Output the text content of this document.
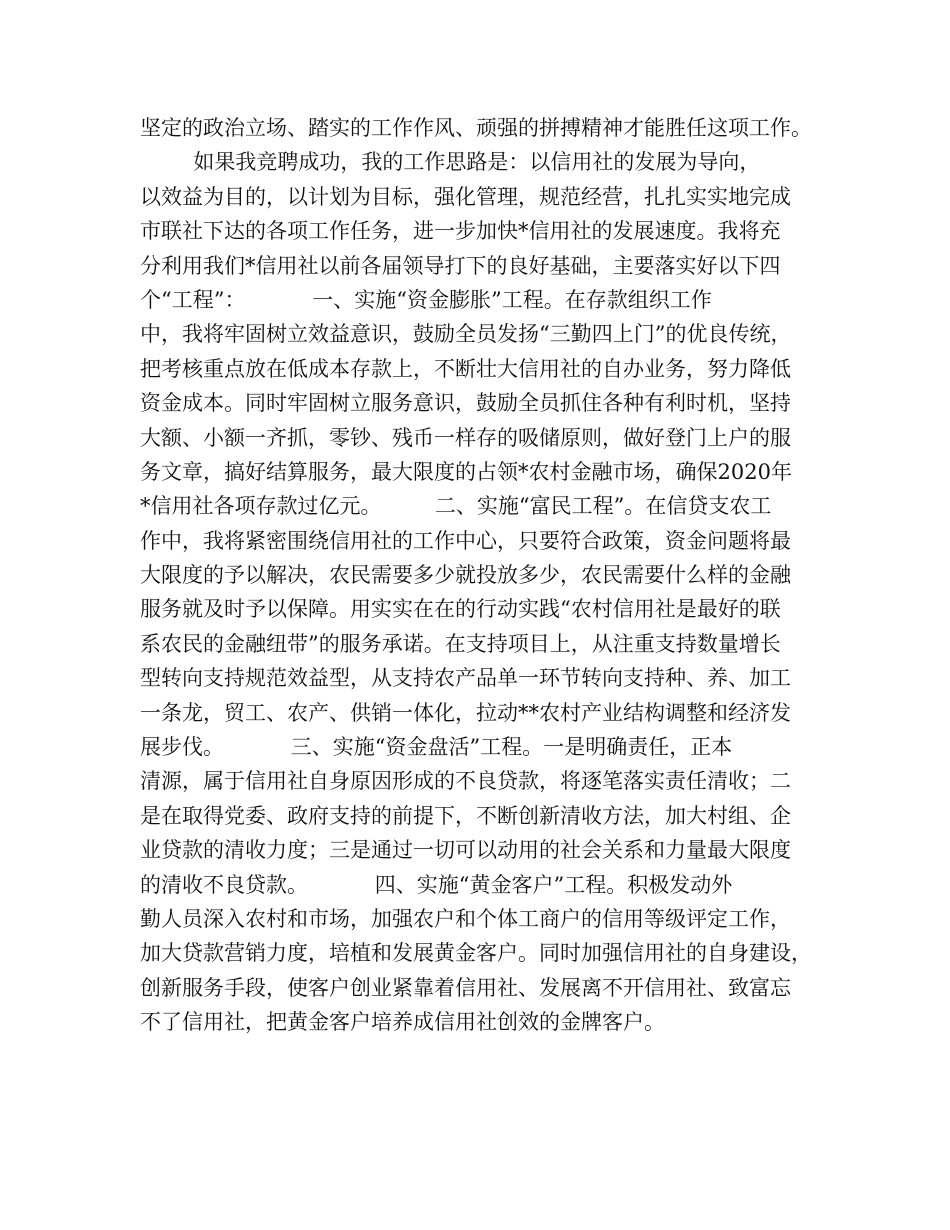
坚定的政治立场、踏实的工作作风、顽强的拼搏精神才能胜任这项工作。
如果我竞聘成功，我的工作思路是：以信用社的发展为导向，
以效益为目的，以计划为目标，强化管理，规范经营，扎扎实实地完成
市联社下达的各项工作任务，进一步加快*信用社的发展速度。我将充
分利用我们*信用社以前各届领导打下的良好基础，主要落实好以下四
个“工程”：          一、实施“资金膨胀”工程。在存款组织工作
中，我将牢固树立效益意识，鼓励全员发扬“三勤四上门”的优良传统，
把考核重点放在低成本存款上，不断壮大信用社的自办业务，努力降低
资金成本。同时牢固树立服务意识，鼓励全员抓住各种有利时机，坚持
大额、小额一齐抓，零钞、残币一样存的吸储原则，做好登门上户的服
务文章，搞好结算服务，最大限度的占领*农村金融市场，确保2020年
*信用社各项存款过亿元。        二、实施“富民工程”。在信贷支农工
作中，我将紧密围绕信用社的工作中心，只要符合政策，资金问题将最
大限度的予以解决，农民需要多少就投放多少，农民需要什么样的金融
服务就及时予以保障。用实实在在的行动实践“农村信用社是最好的联
系农民的金融纽带”的服务承诺。在支持项目上，从注重支持数量增长
型转向支持规范效益型，从支持农产品单一环节转向支持种、养、加工
一条龙，贸工、农产、供销一体化，拉动**农村产业结构调整和经济发
展步伐。          三、实施“资金盘活”工程。一是明确责任，正本
清源，属于信用社自身原因形成的不良贷款，将逐笔落实责任清收；二
是在取得党委、政府支持的前提下，不断创新清收方法，加大村组、企
业贷款的清收力度；三是通过一切可以动用的社会关系和力量最大限度
的清收不良贷款。          四、实施“黄金客户”工程。积极发动外
勤人员深入农村和市场，加强农户和个体工商户的信用等级评定工作，
加大贷款营销力度，培植和发展黄金客户。同时加强信用社的自身建设，
创新服务手段，使客户创业紧靠着信用社、发展离不开信用社、致富忘
不了信用社，把黄金客户培养成信用社创效的金牌客户。
